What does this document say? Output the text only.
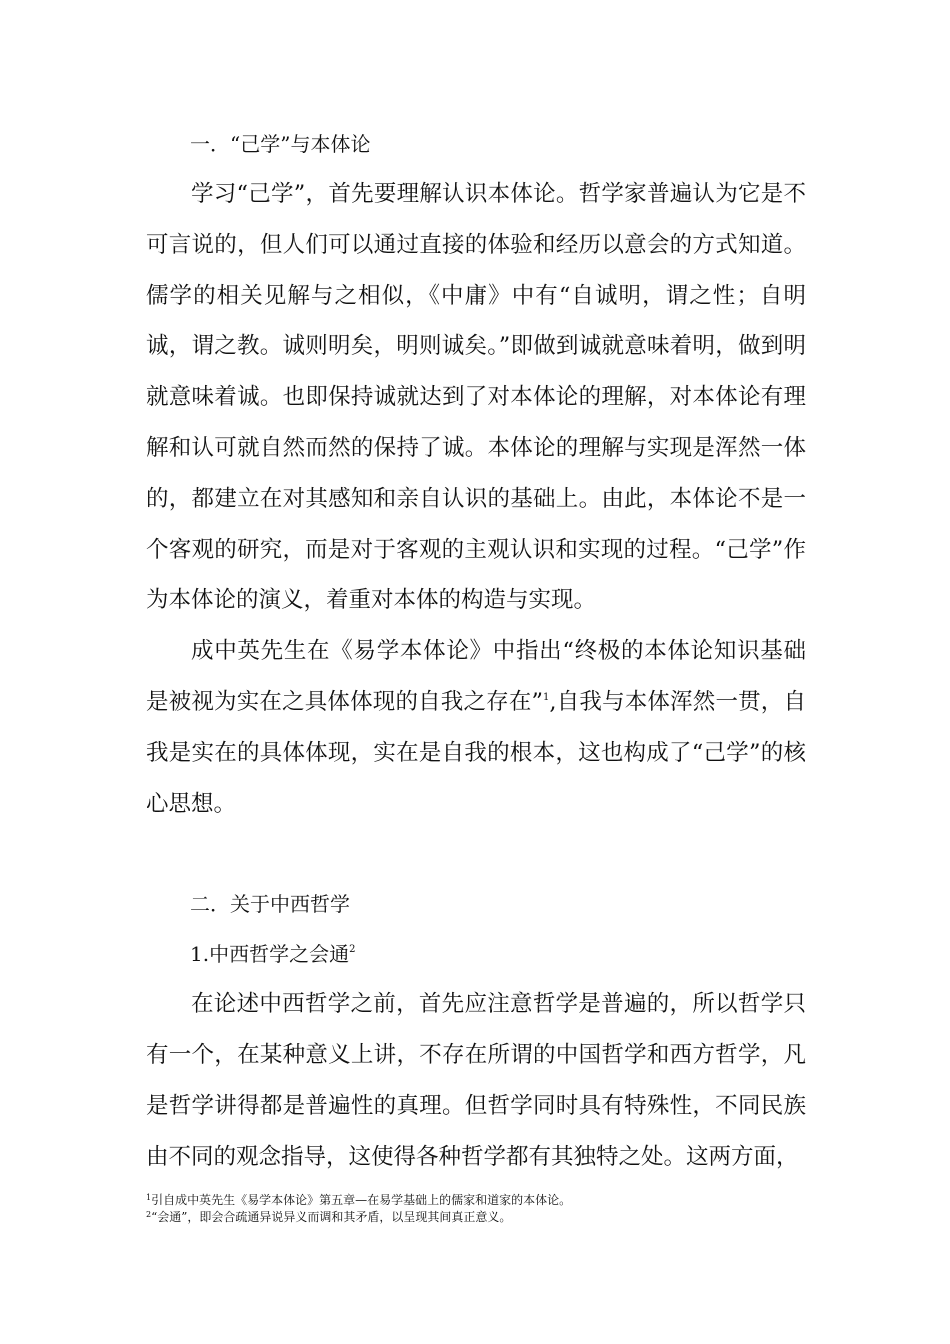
一．“己学”与本体论

学习“己学”，首先要理解认识本体论。哲学家普遍认为它是不可言说的，但人们可以通过直接的体验和经历以意会的方式知道。儒学的相关见解与之相似，《中庸》中有“自诚明，谓之性；自明诚，谓之教。诚则明矣，明则诚矣。”即做到诚就意味着明，做到明就意味着诚。也即保持诚就达到了对本体论的理解，对本体论有理解和认可就自然而然的保持了诚。本体论的理解与实现是浑然一体的，都建立在对其感知和亲自认识的基础上。由此，本体论不是一个客观的研究，而是对于客观的主观认识和实现的过程。“己学”作为本体论的演义，着重对本体的构造与实现。

成中英先生在《易学本体论》中指出“终极的本体论知识基础是被视为实在之具体体现的自我之存在”$^1$,自我与本体浑然一贯，自我是实在的具体体现，实在是自我的根本，这也构成了“己学”的核心思想。

二．关于中西哲学

1.中西哲学之会通$^2$

在论述中西哲学之前，首先应注意哲学是普遍的，所以哲学只有一个，在某种意义上讲，不存在所谓的中国哲学和西方哲学，凡是哲学讲得都是普遍性的真理。但哲学同时具有特殊性，不同民族由不同的观念指导，这使得各种哲学都有其独特之处。这两方面，

$^1$引自成中英先生《易学本体论》第五章—在易学基础上的儒家和道家的本体论。

$^2$“会通”，即会合疏通异说异义而调和其矛盾，以呈现其间真正意义。
